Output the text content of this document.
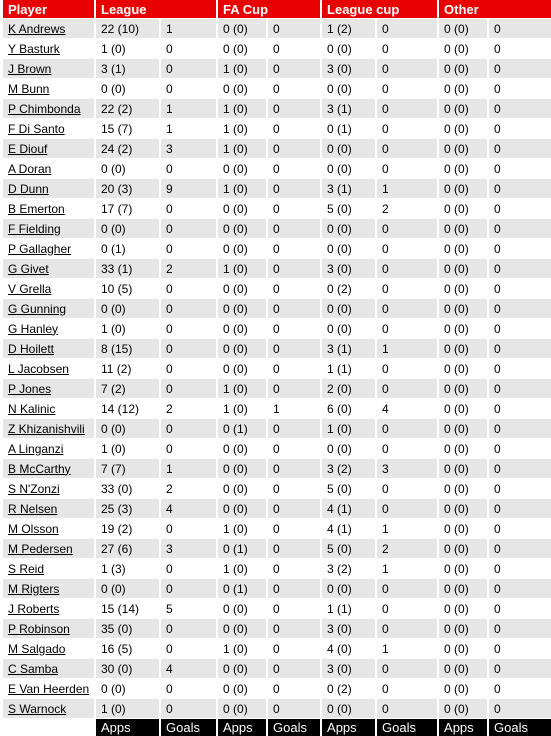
Player	League		FA Cup		League cup		Other	
K Andrews	22 (10)	1	0 (0)	0	1 (2)	0	0 (0)	0
Y Basturk	1 (0)	0	0 (0)	0	0 (0)	0	0 (0)	0
J Brown	3 (1)	0	1 (0)	0	3 (0)	0	0 (0)	0
M Bunn	0 (0)	0	0 (0)	0	0 (0)	0	0 (0)	0
P Chimbonda	22 (2)	1	1 (0)	0	3 (1)	0	0 (0)	0
F Di Santo	15 (7)	1	1 (0)	0	0 (1)	0	0 (0)	0
E Diouf	24 (2)	3	1 (0)	0	0 (0)	0	0 (0)	0
A Doran	0 (0)	0	0 (0)	0	0 (0)	0	0 (0)	0
D Dunn	20 (3)	9	1 (0)	0	3 (1)	1	0 (0)	0
B Emerton	17 (7)	0	0 (0)	0	5 (0)	2	0 (0)	0
F Fielding	0 (0)	0	0 (0)	0	0 (0)	0	0 (0)	0
P Gallagher	0 (1)	0	0 (0)	0	0 (0)	0	0 (0)	0
G Givet	33 (1)	2	1 (0)	0	3 (0)	0	0 (0)	0
V Grella	10 (5)	0	0 (0)	0	0 (2)	0	0 (0)	0
G Gunning	0 (0)	0	0 (0)	0	0 (0)	0	0 (0)	0
G Hanley	1 (0)	0	0 (0)	0	0 (0)	0	0 (0)	0
D Hoilett	8 (15)	0	0 (0)	0	3 (1)	1	0 (0)	0
L Jacobsen	11 (2)	0	0 (0)	0	1 (1)	0	0 (0)	0
P Jones	7 (2)	0	1 (0)	0	2 (0)	0	0 (0)	0
N Kalinic	14 (12)	2	1 (0)	1	6 (0)	4	0 (0)	0
Z Khizanishvili	0 (0)	0	0 (1)	0	1 (0)	0	0 (0)	0
A Linganzi	1 (0)	0	0 (0)	0	0 (0)	0	0 (0)	0
B McCarthy	7 (7)	1	0 (0)	0	3 (2)	3	0 (0)	0
S N'Zonzi	33 (0)	2	0 (0)	0	5 (0)	0	0 (0)	0
R Nelsen	25 (3)	4	0 (0)	0	4 (1)	0	0 (0)	0
M Olsson	19 (2)	0	1 (0)	0	4 (1)	1	0 (0)	0
M Pedersen	27 (6)	3	0 (1)	0	5 (0)	2	0 (0)	0
S Reid	1 (3)	0	1 (0)	0	3 (2)	1	0 (0)	0
M Rigters	0 (0)	0	0 (1)	0	0 (0)	0	0 (0)	0
J Roberts	15 (14)	5	0 (0)	0	1 (1)	0	0 (0)	0
P Robinson	35 (0)	0	0 (0)	0	3 (0)	0	0 (0)	0
M Salgado	16 (5)	0	1 (0)	0	4 (0)	1	0 (0)	0
C Samba	30 (0)	4	0 (0)	0	3 (0)	0	0 (0)	0
E Van Heerden	0 (0)	0	0 (0)	0	0 (2)	0	0 (0)	0
S Warnock	1 (0)	0	0 (0)	0	0 (0)	0	0 (0)	0
	Apps	Goals	Apps	Goals	Apps	Goals	Apps	Goals
